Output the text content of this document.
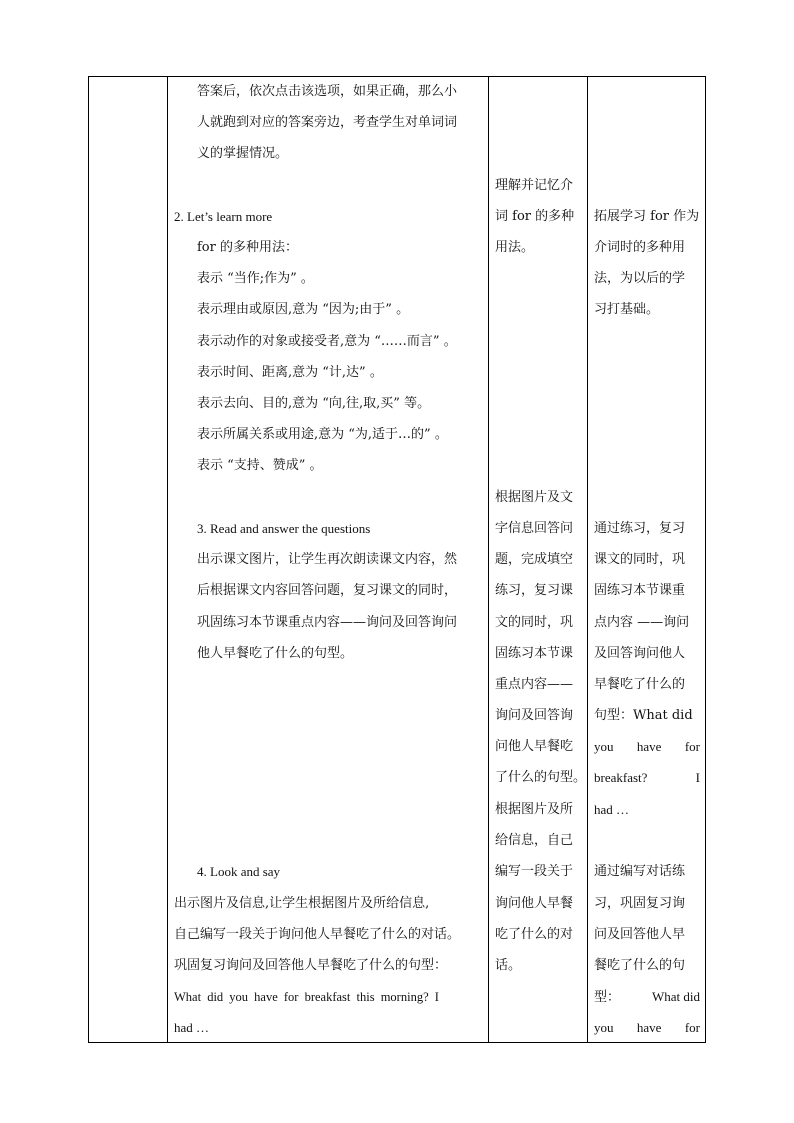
答案后，依次点击该选项，如果正确，那么小
人就跑到对应的答案旁边，考查学生对单词词
义的掌握情况。
2. Let’s learn more
for 的多种用法：
表示 “当作;作为” 。
表示理由或原因,意为 “因为;由于” 。
表示动作的对象或接受者,意为 “……而言” 。
表示时间、距离,意为 “计,达” 。
表示去向、目的,意为 “向,往,取,买” 等。
表示所属关系或用途,意为 “为,适于…的” 。
表示 “支持、赞成” 。
3. Read and answer the questions
出示课文图片，让学生再次朗读课文内容，然
后根据课文内容回答问题，复习课文的同时，
巩固练习本节课重点内容——询问及回答询问
他人早餐吃了什么的句型。
4. Look and say
出示图片及信息,让学生根据图片及所给信息,
自己编写一段关于询问他人早餐吃了什么的对话。
巩固复习询问及回答他人早餐吃了什么的句型：
What did you have for breakfast this morning? I
had …
理解并记忆介
词 for 的多种
用法。
根据图片及文
字信息回答问
题，完成填空
练习，复习课
文的同时，巩
固练习本节课
重点内容——
询问及回答询
问他人早餐吃
了什么的句型。
根据图片及所
给信息，自己
编写一段关于
询问他人早餐
吃了什么的对
话。
拓展学习 for 作为
介词时的多种用
法，为以后的学
习打基础。
通过练习，复习
课文的同时，巩
固练习本节课重
点内容 ——询问
及回答询问他人
早餐吃了什么的
句型：What did
you have for
breakfast?	I
had …
通过编写对话练
习，巩固复习询
问及回答他人早
餐吃了什么的句
型： What did
you have for
